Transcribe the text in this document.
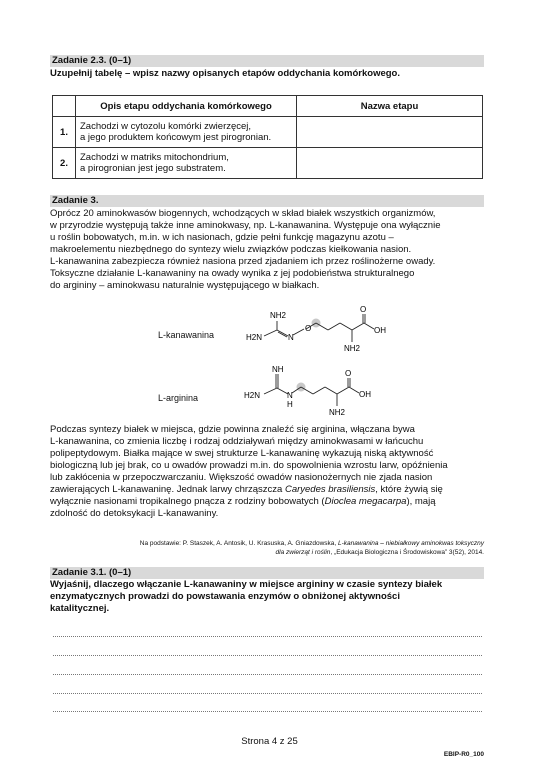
Zadanie 2.3. (0–1)
Uzupełnij tabelę – wpisz nazwy opisanych etapów oddychania komórkowego.
	Opis etapu oddychania komórkowego	Nazwa etapu
1.	Zachodzi w cytozolu komórki zwierzęcej,
a jego produktem końcowym jest pirogronian.	

2.	Zachodzi w matriks mitochondrium,
a pirogronian jest jego substratem.	

Zadanie 3.
Oprócz 20 aminokwasów biogennych, wchodzących w skład białek wszystkich organizmów,
w przyrodzie występują także inne aminokwasy, np. L-kanawanina. Występuje ona wyłącznie
u roślin bobowatych, m.in. w ich nasionach, gdzie pełni funkcję magazynu azotu –
makroelementu niezbędnego do syntezy wielu związków podczas kiełkowania nasion.
L-kanawanina zabezpiecza również nasiona przed zjadaniem ich przez roślinożerne owady.
Toksyczne działanie L-kanawaniny na owady wynika z jej podobieństwa strukturalnego
do argininy – aminokwasu naturalnie występującego w białkach.
L-kanawanina
NH2
H2N	N
O
O
OH
NH2
L-arginina
NH
H2N	N
H
O
OH
NH2
Podczas syntezy białek w miejsca, gdzie powinna znaleźć się arginina, włączana bywa
L-kanawanina, co zmienia liczbę i rodzaj oddziaływań między aminokwasami w łańcuchu
polipeptydowym. Białka mające w swej strukturze L-kanawaninę wykazują niską aktywność
biologiczną lub jej brak, co u owadów prowadzi m.in. do spowolnienia wzrostu larw, opóźnienia
lub zakłócenia w przepoczwarczaniu. Większość owadów nasionożernych nie zjada nasion
zawierających L-kanawaninę. Jednak larwy chrząszcza Caryedes brasiliensis, które żywią się
wyłącznie nasionami tropikalnego pnącza z rodziny bobowatych (Dioclea megacarpa), mają
zdolność do detoksykacji L-kanawaniny.
Na podstawie: P. Staszek, A. Antosik, U. Krasuska, A. Gniazdowska, L-kanawanina – niebiałkowy aminokwas toksyczny
dla zwierząt i roślin, „Edukacja Biologiczna i Środowiskowa” 3(52), 2014.
Zadanie 3.1. (0–1)
Wyjaśnij, dlaczego włączanie L-kanawaniny w miejsce argininy w czasie syntezy białek
enzymatycznych prowadzi do powstawania enzymów o obniżonej aktywności
katalitycznej.
Strona 4 z 25
EBIP-R0_100
